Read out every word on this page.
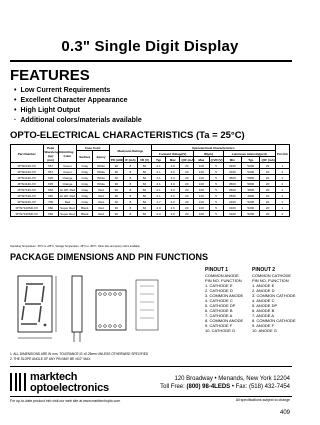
0.3" Single Digit Display
FEATURES
• Low Current Requirements
• Excellent Character Appearance
• High Light Output
· Additional colors/materials available
OPTO-ELECTRICAL CHARACTERISTICS (Ta = 25°C)
Part Number	Peak Wavelength (λp) (nm)	Emitting Color	Face Color		Maximum Ratings			Optoelectrical Characteristics								Pin Out
			Surface	Epoxy				Forward Voltage(V)			IR(μA)		Luminous Intensity(μcd)			
					PD (mW)	IF (mA)	VR (V)	Typ	Max	@IF (mA)	Max	@VR (V)	Min	Typ	@IF (mA)	
MTN2130-XX	567	Green	Gray	White	30	8	60	2.1	3.0	20	100	5	3100	5200	20	1
MTN2130-XX	567	Green	Gray	White	30	8	60	2.1	3.0	20	100	5	3100	5200	20	2
MTN4130-XX	635	Orange	Gray	White	30	8	60	2.1	3.0	20	100	5	3500	5800	20	1
MTN4130-XX	635	Orange	Gray	White	30	8	60	2.1	3.0	20	100	5	3500	5800	20	2
MTN7130-XX	660	Hi. Eff. Red	Gray	Red	30	8	60	2.1	3.0	20	100	5	2500	4800	20	1
MTN7130-XX	660	Hi. Eff. Red	Gray	Red	30	8	60	2.1	3.0	20	100	5	2500	4800	20	2
MTN3130-XX	700	Red	Gray	Red	30	8	60	1.7	2.2	20	100	5	3100	5200	20	1
MTN7130SR-XX	660	Super Red	Black	Red	30	8	60	2.0	2.6	20	100	5	3100	5200	20	1
MTN7130SR-XX	660	Super Red	Black	Red	30	8	60	2.0	2.6	20	100	5	3100	5200	20	2
Operating Temperature: -35°C to +85°C, Storage Temperature -35°C to +85°C. Other face and epoxy colors available.
PACKAGE DIMENSIONS AND PIN FUNCTIONS
PINOUT 1
COMMON ANODE
PIN NO. FUNCTION
1. CATHODE E
2. CATHODE D
3. COMMON ANODE
4. CATHODE C
5. CATHODE DP
6. CATHODE B
7. CATHODE A
8. COMMON ANODE
9. CATHODE F
10. CATHODE G
PINOUT 2
COMMON CATHODE
PIN NO. FUNCTION
1. ANODE E
2. ANODE D
3. COMMON CATHODE
4. ANODE C
5. ANODE DP
6. ANODE B
7. ANODE A
8. COMMON CATHODE
9. ANODE F
10. ANODE G
1. ALL DIMENSIONS ARE IN mm. TOLERANCE IS ±0.25mm UNLESS OTHERWISE SPECIFIED
2. THE SLOPE ANGLE OF ANY PIN MAY BE ±5.0° MAX.
marktech
optoelectronics
120 Broadway • Menands, New York 12204
Toll Free: (800) 98-4LEDS • Fax: (518) 432-7454
For up-to-date product info visit our web site at www.marktechopto.com	All specifications subject to change
409
